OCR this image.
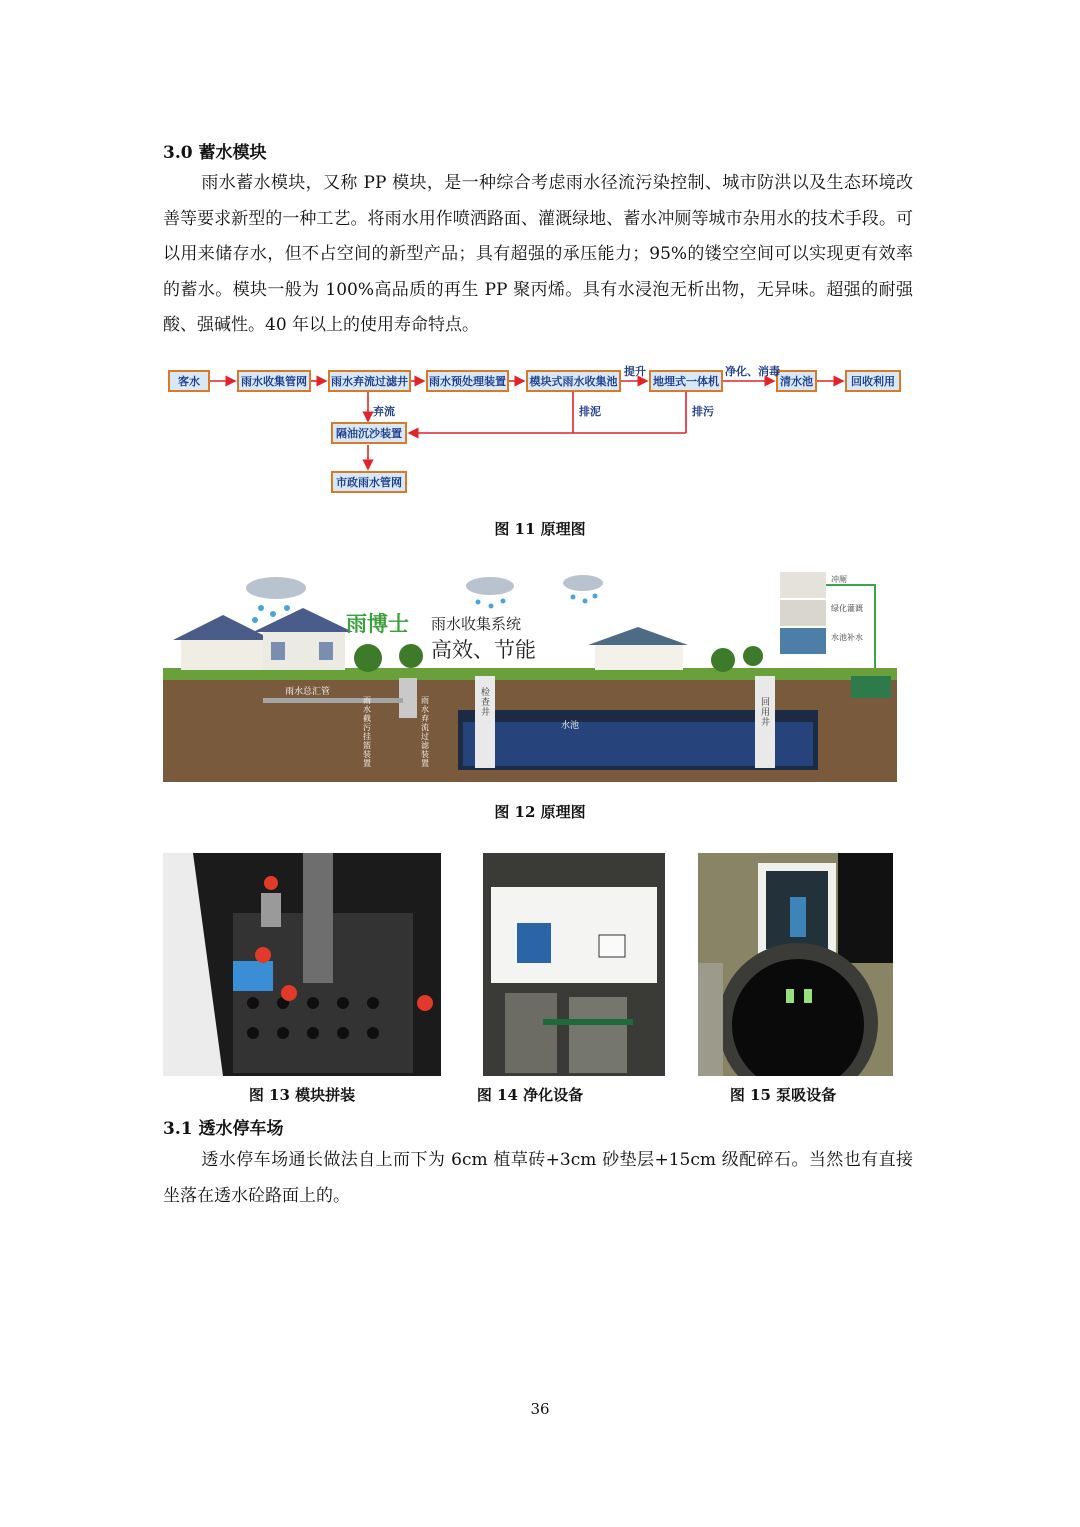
3.0 蓄水模块

雨水蓄水模块，又称 PP 模块，是一种综合考虑雨水径流污染控制、城市防洪以及生态环境改善等要求新型的一种工艺。将雨水用作喷洒路面、灌溉绿地、蓄水冲厕等城市杂用水的技术手段。可以用来储存水，但不占空间的新型产品；具有超强的承压能力；95%的镂空空间可以实现更有效率的蓄水。模块一般为 100%高品质的再生 PP 聚丙烯。具有水浸泡无析出物，无异味。超强的耐强酸、强碱性。40 年以上的使用寿命特点。

客水	雨水收集管网	雨水弃流过滤井 雨水预处理装置	模块式雨水收集池	地埋式一体机	清水池	回收利用
隔油沉沙装置
市政雨水管网
提升	净化、消毒
弃流	排泥	排污
图 11 原理图
雨博士 雨水收集系统
高效、节能
雨水总汇管	检查井
水池
回用井
雨水截污挂篮装置
雨水弃流过滤装置
冲厕
绿化灌溉
水池补水
图 12 原理图
图 13 模块拼装	图 14 净化设备	图 15 泵吸设备
3.1 透水停车场

透水停车场通长做法自上而下为 6cm 植草砖+3cm 砂垫层+15cm 级配碎石。当然也有直接坐落在透水砼路面上的。

36
